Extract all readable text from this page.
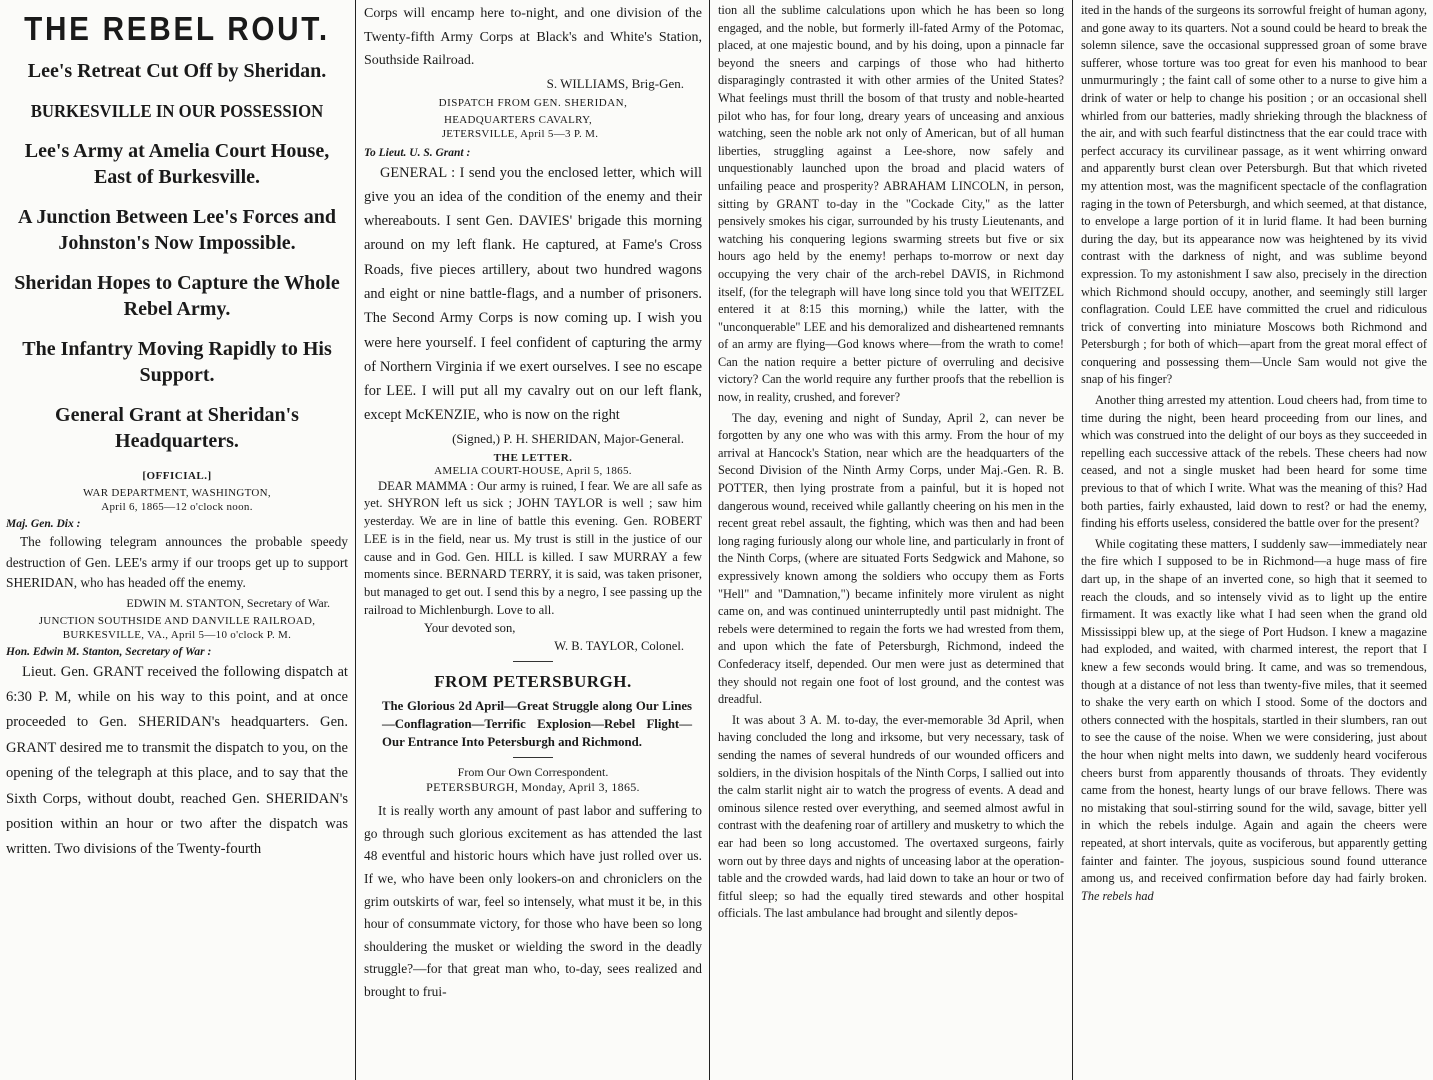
THE REBEL ROUT.
Lee's Retreat Cut Off by Sheridan.
BURKESVILLE IN OUR POSSESSION
Lee's Army at Amelia Court House, East of Burkesville.
A Junction Between Lee's Forces and Johnston's Now Impossible.
Sheridan Hopes to Capture the Whole Rebel Army.
The Infantry Moving Rapidly to His Support.
General Grant at Sheridan's Headquarters.
[OFFICIAL.]
WAR DEPARTMENT, WASHINGTON,
April 6, 1865—12 o'clock noon.
Maj. Gen. Dix :

The following telegram announces the probable speedy destruction of Gen. LEE's army if our troops get up to support SHERIDAN, who has headed off the enemy.

EDWIN M. STANTON, Secretary of War.
JUNCTION SOUTHSIDE AND DANVILLE RAILROAD,
BURKESVILLE, VA., April 5—10 o'clock P. M.
Hon. Edwin M. Stanton, Secretary of War :

Lieut. Gen. GRANT received the following dispatch at 6:30 P. M, while on his way to this point, and at once proceeded to Gen. SHERIDAN's headquarters. Gen. GRANT desired me to transmit the dispatch to you, on the opening of the telegraph at this place, and to say that the Sixth Corps, without doubt, reached Gen. SHERIDAN's position within an hour or two after the dispatch was written. Two divisions of the Twenty-fourth

Corps will encamp here to-night, and one division of the Twenty-fifth Army Corps at Black's and White's Station, Southside Railroad.

S. WILLIAMS, Brig-Gen.
DISPATCH FROM GEN. SHERIDAN,
HEADQUARTERS CAVALRY,
JETERSVILLE, April 5—3 P. M.
To Lieut. U. S. Grant :

GENERAL : I send you the enclosed letter, which will give you an idea of the condition of the enemy and their whereabouts. I sent Gen. DAVIES' brigade this morning around on my left flank. He captured, at Fame's Cross Roads, five pieces artillery, about two hundred wagons and eight or nine battle-flags, and a number of prisoners. The Second Army Corps is now coming up. I wish you were here yourself. I feel confident of capturing the army of Northern Virginia if we exert ourselves. I see no escape for LEE. I will put all my cavalry out on our left flank, except McKENZIE, who is now on the right

(Signed,) P. H. SHERIDAN, Major-General.
THE LETTER.
AMELIA COURT-HOUSE, April 5, 1865.

DEAR MAMMA : Our army is ruined, I fear. We are all safe as yet. SHYRON left us sick ; JOHN TAYLOR is well ; saw him yesterday. We are in line of battle this evening. Gen. ROBERT LEE is in the field, near us. My trust is still in the justice of our cause and in God. Gen. HILL is killed. I saw MURRAY a few moments since. BERNARD TERRY, it is said, was taken prisoner, but managed to get out. I send this by a negro, I see passing up the railroad to Michlenburgh. Love to all.

Your devoted son,
W. B. TAYLOR, Colonel.
FROM PETERSBURGH.

The Glorious 2d April—Great Struggle along Our Lines—Conflagration—Terrific Explosion—Rebel Flight—Our Entrance Into Petersburgh and Richmond.

From Our Own Correspondent.
PETERSBURGH, Monday, April 3, 1865.

It is really worth any amount of past labor and suffering to go through such glorious excitement as has attended the last 48 eventful and historic hours which have just rolled over us. If we, who have been only lookers-on and chroniclers on the grim outskirts of war, feel so intensely, what must it be, in this hour of consummate victory, for those who have been so long shouldering the musket or wielding the sword in the deadly struggle?—for that great man who, to-day, sees realized and brought to frui-

tion all the sublime calculations upon which he has been so long engaged, and the noble, but formerly ill-fated Army of the Potomac, placed, at one majestic bound, and by his doing, upon a pinnacle far beyond the sneers and carpings of those who had hitherto disparagingly contrasted it with other armies of the United States? What feelings must thrill the bosom of that trusty and noble-hearted pilot who has, for four long, dreary years of unceasing and anxious watching, seen the noble ark not only of American, but of all human liberties, struggling against a Lee-shore, now safely and unquestionably launched upon the broad and placid waters of unfailing peace and prosperity? ABRAHAM LINCOLN, in person, sitting by GRANT to-day in the "Cockade City," as the latter pensively smokes his cigar, surrounded by his trusty Lieutenants, and watching his conquering legions swarming streets but five or six hours ago held by the enemy! perhaps to-morrow or next day occupying the very chair of the arch-rebel DAVIS, in Richmond itself, (for the telegraph will have long since told you that WEITZEL entered it at 8:15 this morning,) while the latter, with the "unconquerable" LEE and his demoralized and disheartened remnants of an army are flying—God knows where—from the wrath to come! Can the nation require a better picture of overruling and decisive victory? Can the world require any further proofs that the rebellion is now, in reality, crushed, and forever?

The day, evening and night of Sunday, April 2, can never be forgotten by any one who was with this army. From the hour of my arrival at Hancock's Station, near which are the headquarters of the Second Division of the Ninth Army Corps, under Maj.-Gen. R. B. POTTER, then lying prostrate from a painful, but it is hoped not dangerous wound, received while gallantly cheering on his men in the recent great rebel assault, the fighting, which was then and had been long raging furiously along our whole line, and particularly in front of the Ninth Corps, (where are situated Forts Sedgwick and Mahone, so expressively known among the soldiers who occupy them as Forts "Hell" and "Damnation,") became infinitely more virulent as night came on, and was continued uninterruptedly until past midnight. The rebels were determined to regain the forts we had wrested from them, and upon which the fate of Petersburgh, Richmond, indeed the Confederacy itself, depended. Our men were just as determined that they should not regain one foot of lost ground, and the contest was dreadful.

It was about 3 A. M. to-day, the ever-memorable 3d April, when having concluded the long and irksome, but very necessary, task of sending the names of several hundreds of our wounded officers and soldiers, in the division hospitals of the Ninth Corps, I sallied out into the calm starlit night air to watch the progress of events. A dead and ominous silence rested over everything, and seemed almost awful in contrast with the deafening roar of artillery and musketry to which the ear had been so long accustomed. The overtaxed surgeons, fairly worn out by three days and nights of unceasing labor at the operation-table and the crowded wards, had laid down to take an hour or two of fitful sleep; so had the equally tired stewards and other hospital officials. The last ambulance had brought and silently depos-

ited in the hands of the surgeons its sorrowful freight of human agony, and gone away to its quarters. Not a sound could be heard to break the solemn silence, save the occasional suppressed groan of some brave sufferer, whose torture was too great for even his manhood to bear unmurmuringly ; the faint call of some other to a nurse to give him a drink of water or help to change his position ; or an occasional shell whirled from our batteries, madly shrieking through the blackness of the air, and with such fearful distinctness that the ear could trace with perfect accuracy its curvilinear passage, as it went whirring onward and apparently burst clean over Petersburgh. But that which riveted my attention most, was the magnificent spectacle of the conflagration raging in the town of Petersburgh, and which seemed, at that distance, to envelope a large portion of it in lurid flame. It had been burning during the day, but its appearance now was heightened by its vivid contrast with the darkness of night, and was sublime beyond expression. To my astonishment I saw also, precisely in the direction which Richmond should occupy, another, and seemingly still larger conflagration. Could LEE have committed the cruel and ridiculous trick of converting into miniature Moscows both Richmond and Petersburgh ; for both of which—apart from the great moral effect of conquering and possessing them—Uncle Sam would not give the snap of his finger?

Another thing arrested my attention. Loud cheers had, from time to time during the night, been heard proceeding from our lines, and which was construed into the delight of our boys as they succeeded in repelling each successive attack of the rebels. These cheers had now ceased, and not a single musket had been heard for some time previous to that of which I write. What was the meaning of this? Had both parties, fairly exhausted, laid down to rest? or had the enemy, finding his efforts useless, considered the battle over for the present?

While cogitating these matters, I suddenly saw—immediately near the fire which I supposed to be in Richmond—a huge mass of fire dart up, in the shape of an inverted cone, so high that it seemed to reach the clouds, and so intensely vivid as to light up the entire firmament. It was exactly like what I had seen when the grand old Mississippi blew up, at the siege of Port Hudson. I knew a magazine had exploded, and waited, with charmed interest, the report that I knew a few seconds would bring. It came, and was so tremendous, though at a distance of not less than twenty-five miles, that it seemed to shake the very earth on which I stood. Some of the doctors and others connected with the hospitals, startled in their slumbers, ran out to see the cause of the noise. When we were considering, just about the hour when night melts into dawn, we suddenly heard vociferous cheers burst from apparently thousands of throats. They evidently came from the honest, hearty lungs of our brave fellows. There was no mistaking that soul-stirring sound for the wild, savage, bitter yell in which the rebels indulge. Again and again the cheers were repeated, at short intervals, quite as vociferous, but apparently getting fainter and fainter. The joyous, suspicious sound found utterance among us, and received confirmation before day had fairly broken. The rebels had
